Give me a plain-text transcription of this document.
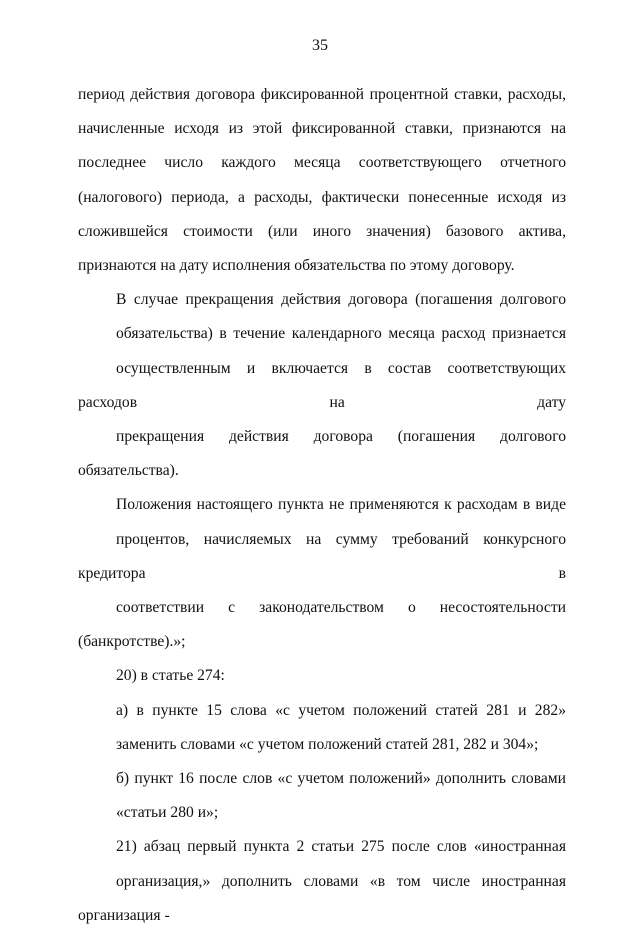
35

период действия договора фиксированной процентной ставки, расходы,
начисленные исходя из этой фиксированной ставки, признаются на
последнее число каждого месяца соответствующего отчетного
(налогового) периода, а расходы, фактически понесенные исходя из
сложившейся стоимости (или иного значения) базового актива,
признаются на дату исполнения обязательства по этому договору.

В случае прекращения действия договора (погашения долгового
обязательства) в течение календарного месяца расход признается
осуществленным и включается в состав соответствующих расходов на дату
прекращения действия договора (погашения долгового обязательства).

Положения настоящего пункта не применяются к расходам в виде
процентов, начисляемых на сумму требований конкурсного кредитора в
соответствии с законодательством о несостоятельности (банкротстве).»;

20) в статье 274:

а) в пункте 15 слова «с учетом положений статей 281 и 282»
заменить словами «с учетом положений статей 281, 282 и 304»;

б) пункт 16 после слов «с учетом положений» дополнить словами
«статьи 280 и»;

21) абзац первый пункта 2 статьи 275 после слов «иностранная
организация,» дополнить словами «в том числе иностранная организация -
